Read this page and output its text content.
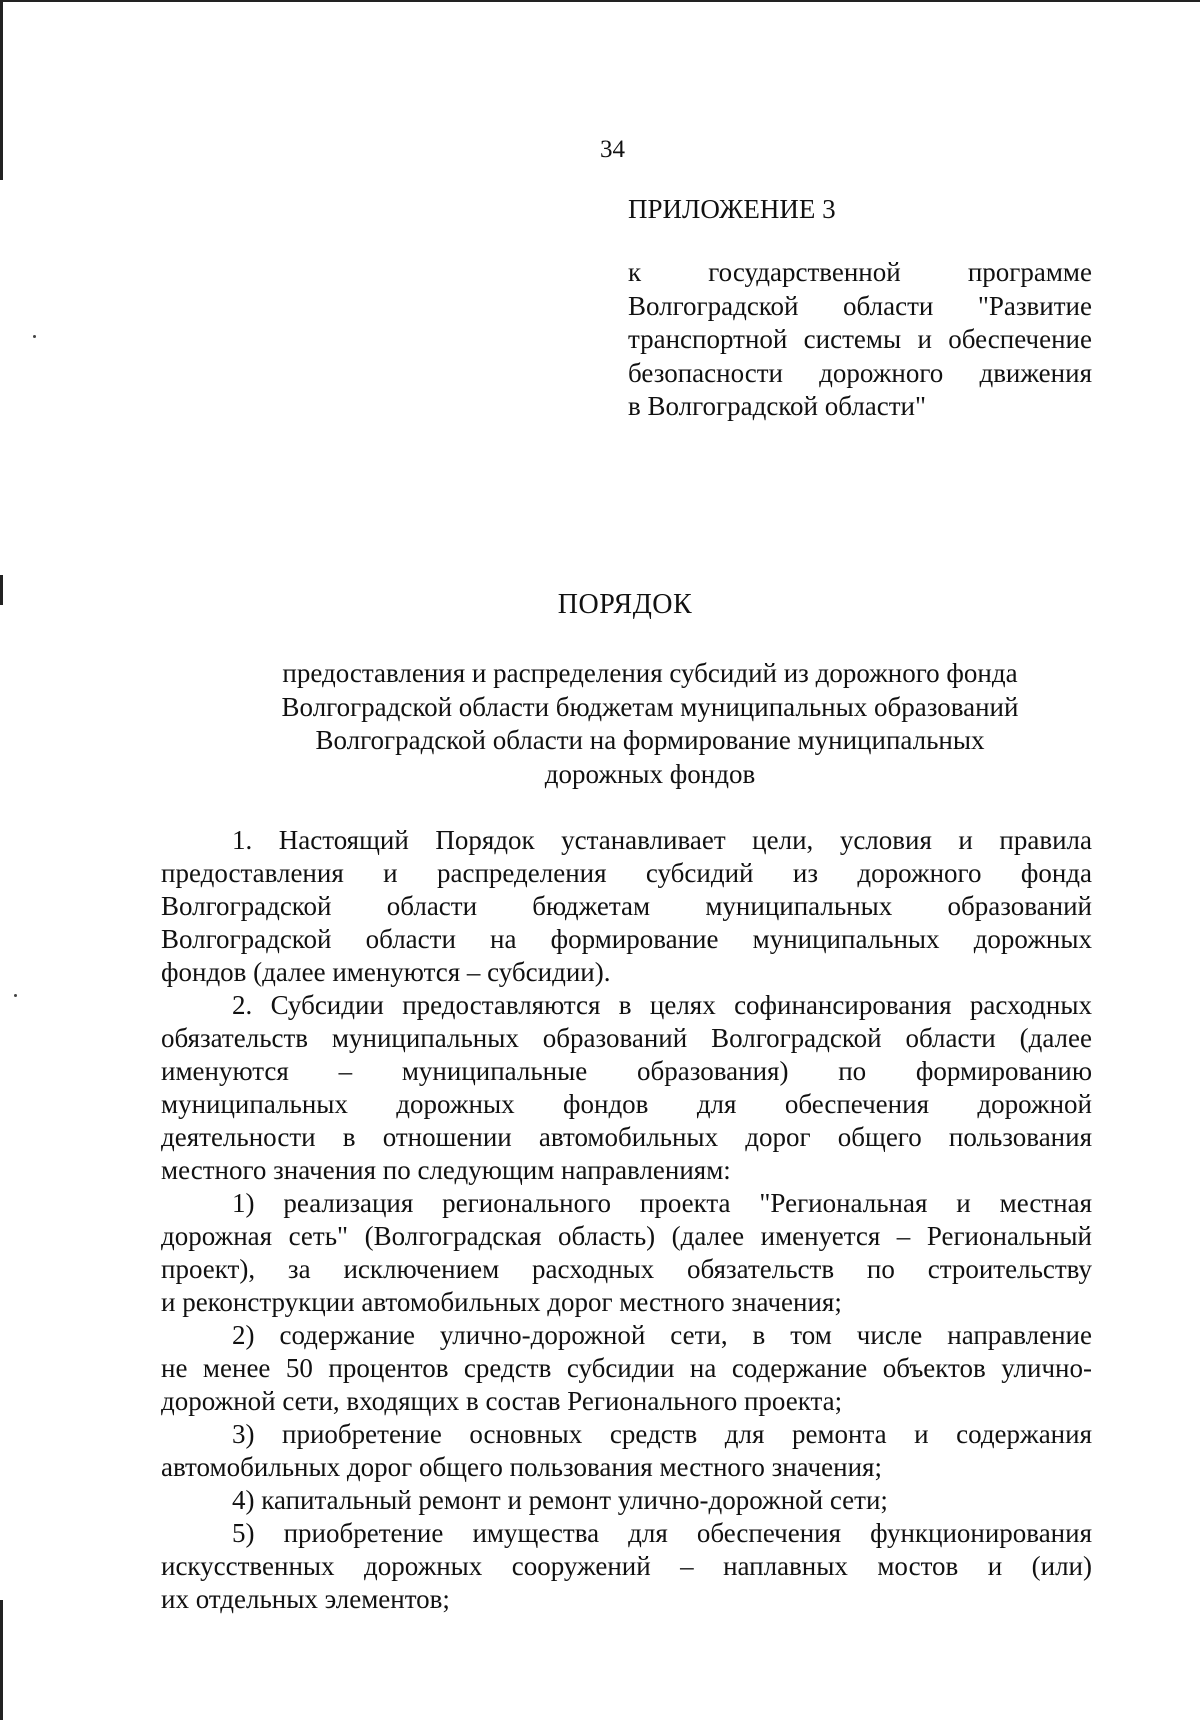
34
ПРИЛОЖЕНИЕ 3
к государственной программе
Волгоградской области "Развитие
транспортной системы и обеспечение
безопасности дорожного движения
в Волгоградской области"
ПОРЯДОК
предоставления и распределения субсидий из дорожного фонда
Волгоградской области бюджетам муниципальных образований
Волгоградской области на формирование муниципальных
дорожных фондов
1. Настоящий Порядок устанавливает цели, условия и правила
предоставления и распределения субсидий из дорожного фонда
Волгоградской области бюджетам муниципальных образований
Волгоградской области на формирование муниципальных дорожных
фондов (далее именуются – субсидии).
2. Субсидии предоставляются в целях софинансирования расходных
обязательств муниципальных образований Волгоградской области (далее
именуются – муниципальные образования) по формированию
муниципальных дорожных фондов для обеспечения дорожной
деятельности в отношении автомобильных дорог общего пользования
местного значения по следующим направлениям:
1) реализация регионального проекта "Региональная и местная
дорожная сеть" (Волгоградская область) (далее именуется – Региональный
проект), за исключением расходных обязательств по строительству
и реконструкции автомобильных дорог местного значения;
2) содержание улично-дорожной сети, в том числе направление
не менее 50 процентов средств субсидии на содержание объектов улично-
дорожной сети, входящих в состав Регионального проекта;
3) приобретение основных средств для ремонта и содержания
автомобильных дорог общего пользования местного значения;
4) капитальный ремонт и ремонт улично-дорожной сети;
5) приобретение имущества для обеспечения функционирования
искусственных дорожных сооружений – наплавных мостов и (или)
их отдельных элементов;
